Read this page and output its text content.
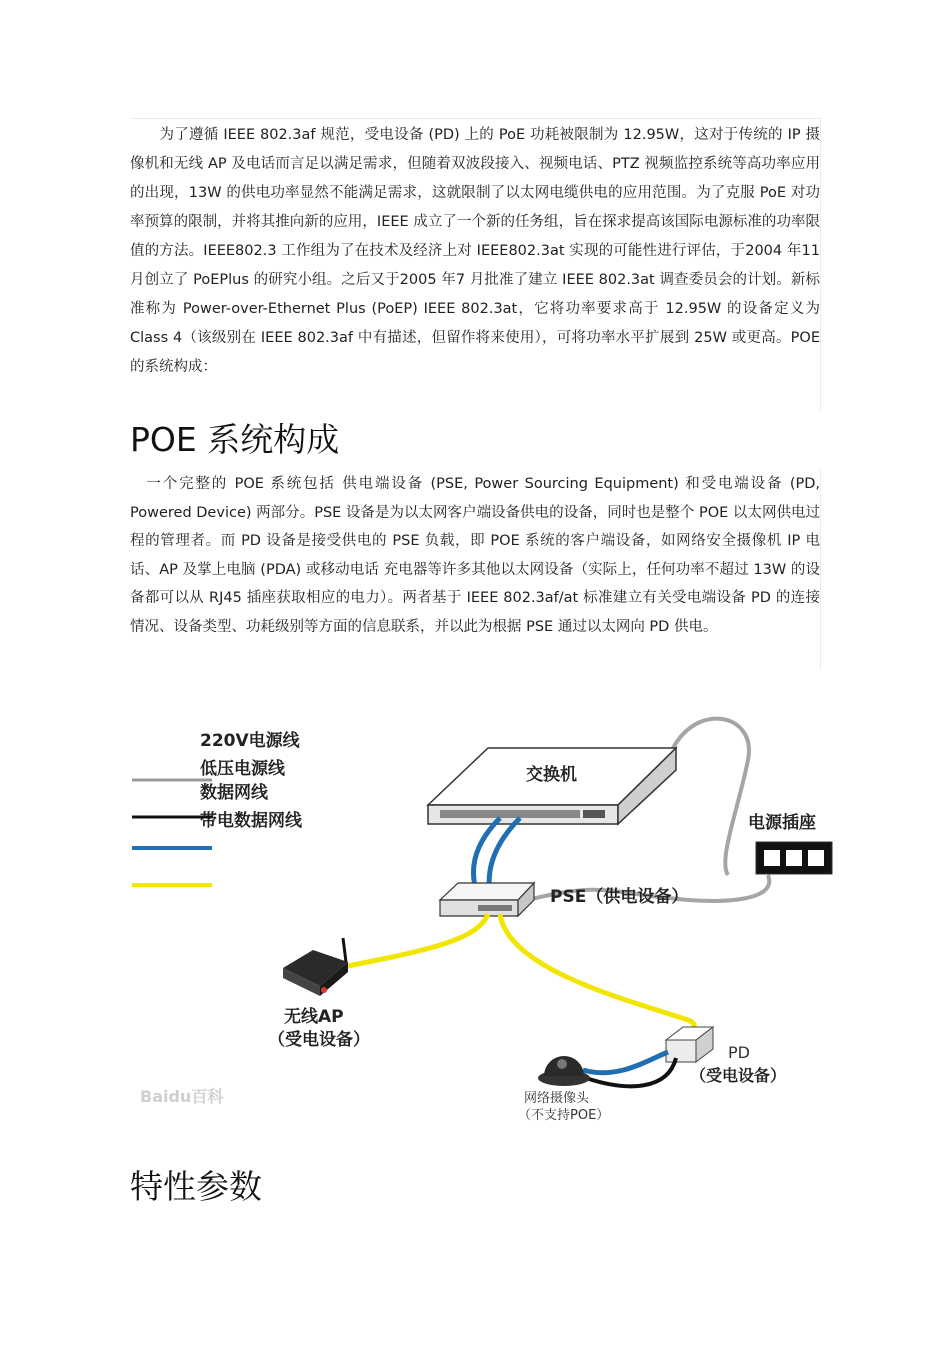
　　为了遵循 IEEE 802.3af 规范，受电设备 (PD) 上的 PoE 功耗被限制为 12.95W，这对于传统的 IP 摄像机和无线 AP 及电话而言足以满足需求，但随着双波段接入、视频电话、PTZ 视频监控系统等高功率应用的出现，13W 的供电功率显然不能满足需求，这就限制了以太网电缆供电的应用范围。为了克服 PoE 对功率预算的限制，并将其推向新的应用，IEEE 成立了一个新的任务组，旨在探求提高该国际电源标准的功率限值的方法。IEEE802.3 工作组为了在技术及经济上对 IEEE802.3at 实现的可能性进行评估，于2004 年11 月创立了 PoEPlus 的研究小组。之后又于2005 年7 月批准了建立 IEEE 802.3at 调查委员会的计划。新标准称为 Power-over-Ethernet Plus (PoEP) IEEE 802.3at，它将功率要求高于 12.95W 的设备定义为 Class 4（该级别在 IEEE 802.3af 中有描述，但留作将来使用），可将功率水平扩展到 25W 或更高。POE 的系统构成：

POE 系统构成

　一个完整的 POE 系统包括 供电端设备 (PSE, Power Sourcing Equipment) 和受电端设备 (PD, Powered Device) 两部分。PSE 设备是为以太网客户端设备供电的设备，同时也是整个 POE 以太网供电过程的管理者。而 PD 设备是接受供电的 PSE 负载，即 POE 系统的客户端设备，如网络安全摄像机 IP 电话、AP 及掌上电脑 (PDA) 或移动电话 充电器等许多其他以太网设备（实际上，任何功率不超过 13W 的设备都可以从 RJ45 插座获取相应的电力）。两者基于 IEEE 802.3af/at 标准建立有关受电端设备 PD 的连接情况、设备类型、功耗级别等方面的信息联系，并以此为根据 PSE 通过以太网向 PD 供电。

220V电源线
低压电源线
数据网线
带电数据网线
交换机
电源插座
PSE（供电设备）
无线AP
（受电设备）
PD
（受电设备）
网络摄像头
（不支持POE）
Baidu百科
特性参数
